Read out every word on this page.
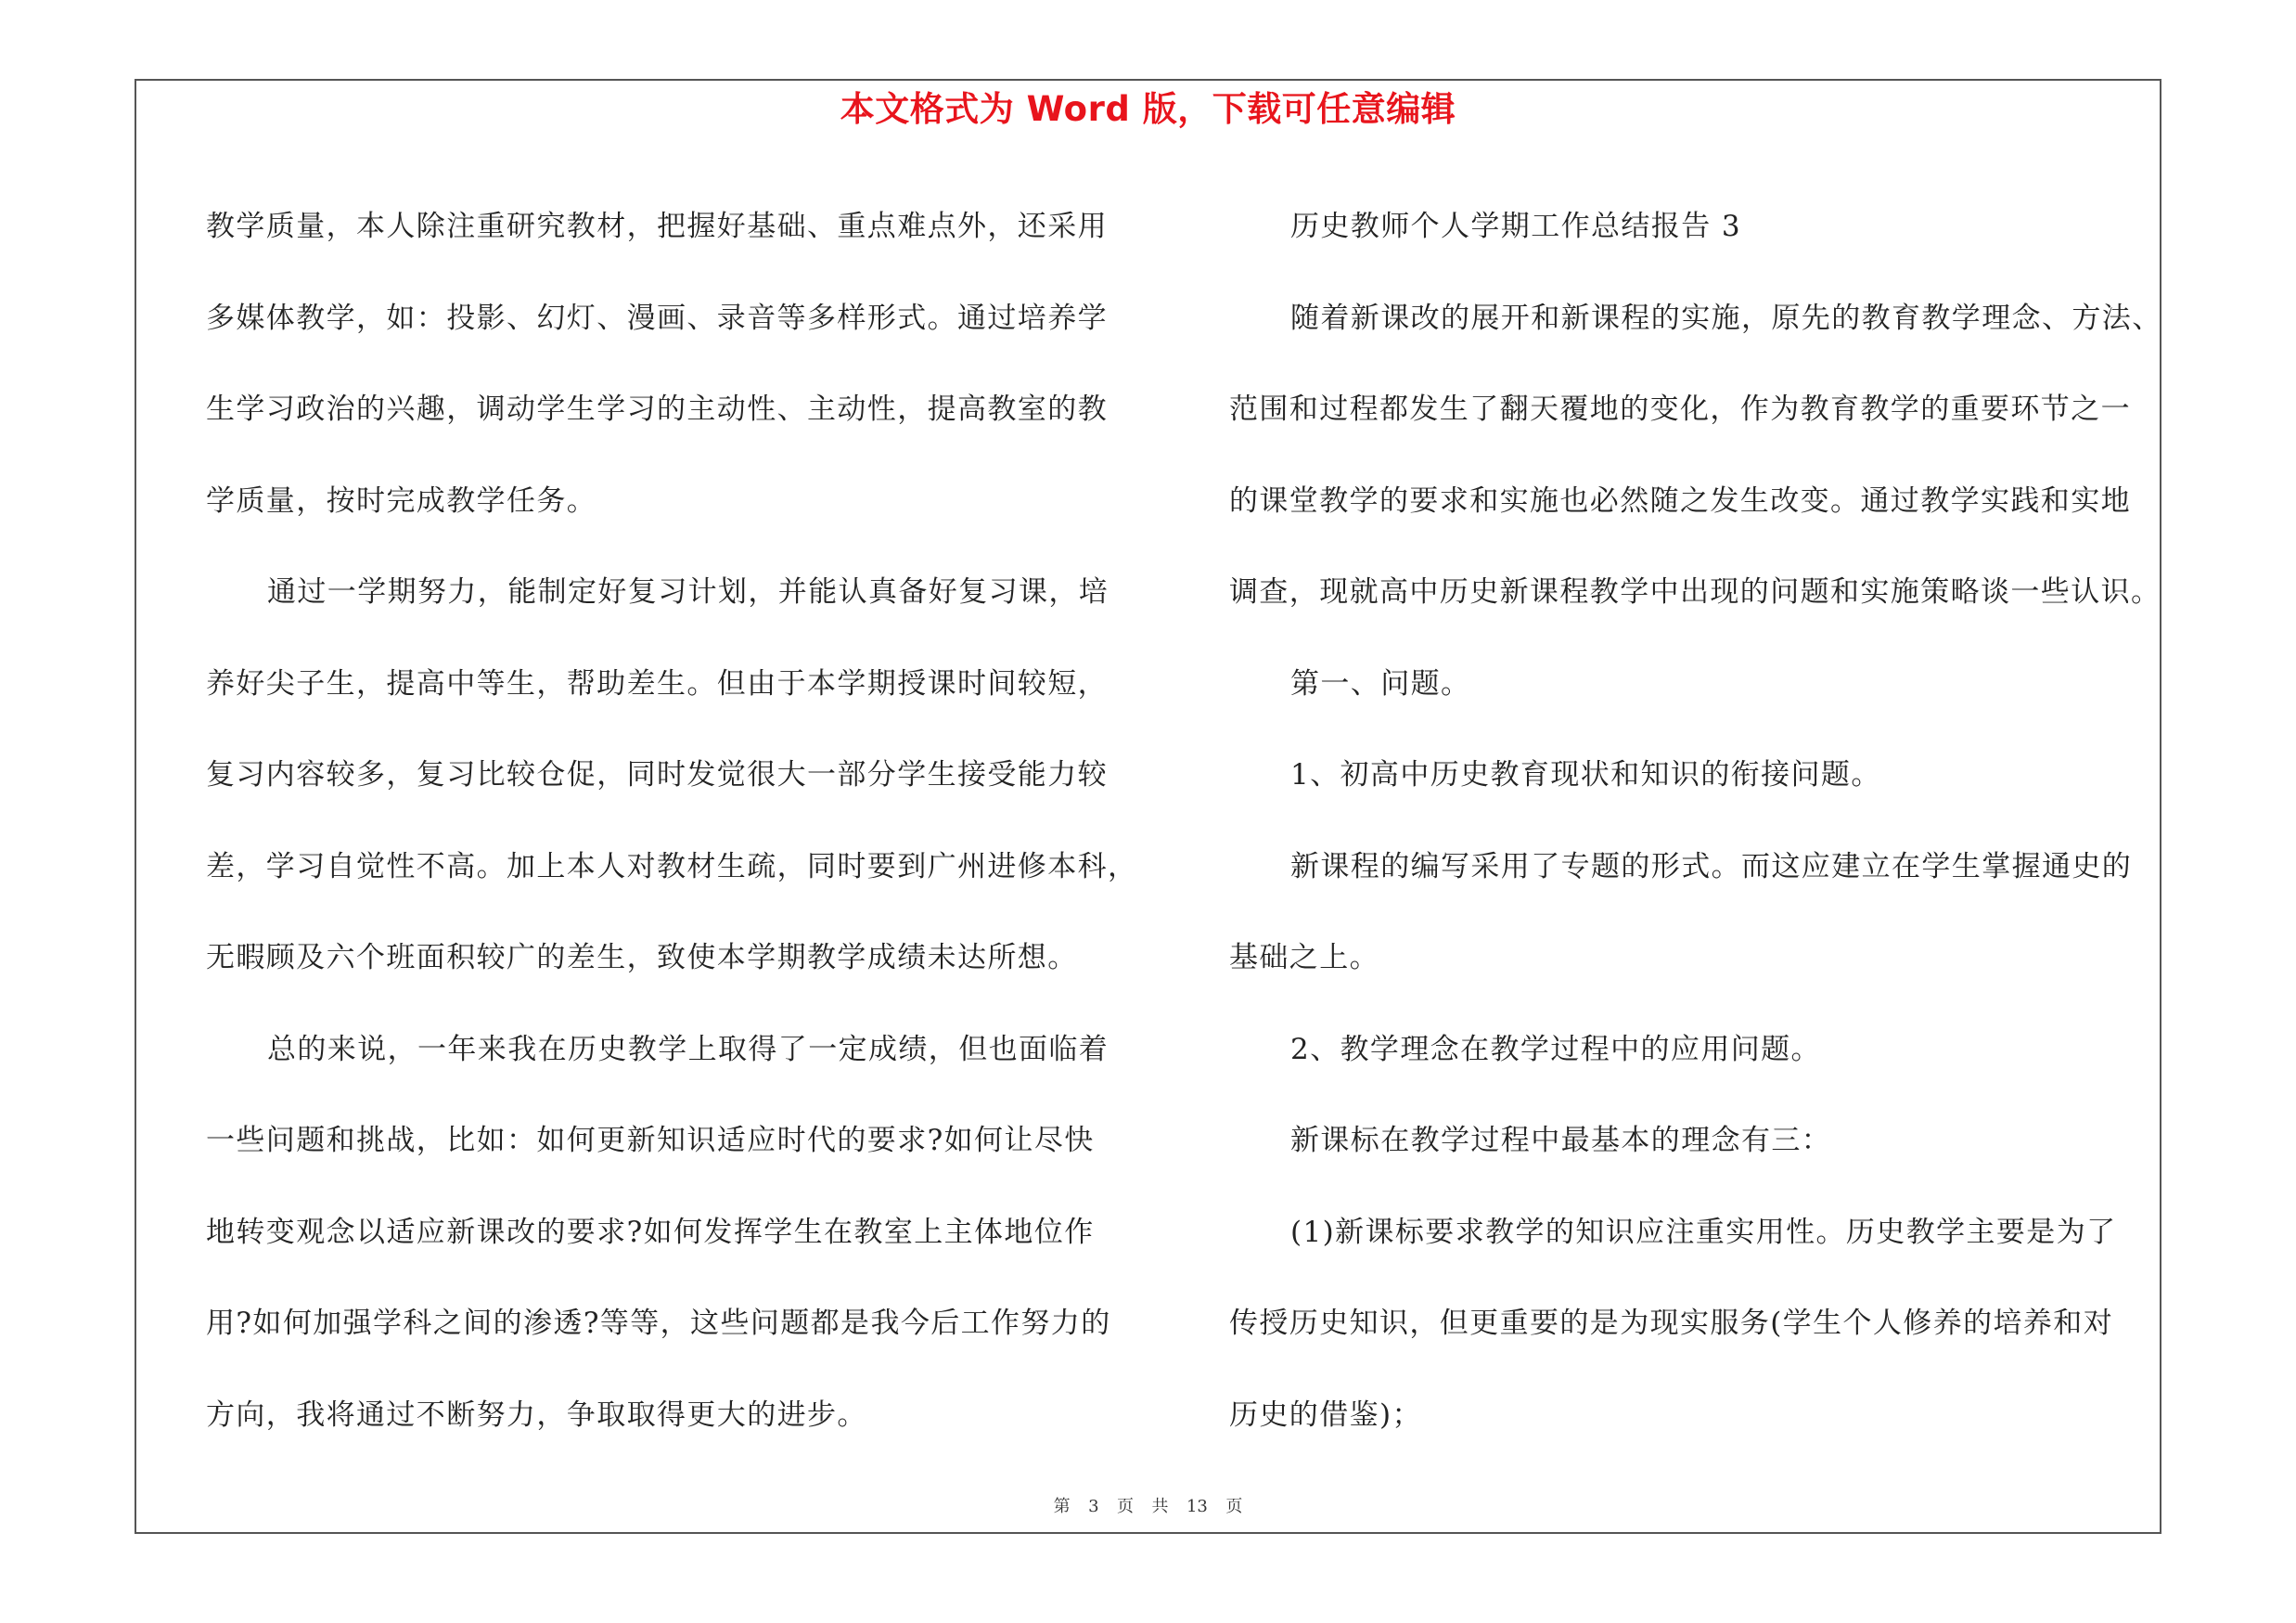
本文格式为 Word 版，下载可任意编辑
教学质量，本人除注重研究教材，把握好基础、重点难点外，还采用
多媒体教学，如：投影、幻灯、漫画、录音等多样形式。通过培养学
生学习政治的兴趣，调动学生学习的主动性、主动性，提高教室的教
学质量，按时完成教学任务。
通过一学期努力，能制定好复习计划，并能认真备好复习课，培
养好尖子生，提高中等生，帮助差生。但由于本学期授课时间较短，
复习内容较多，复习比较仓促，同时发觉很大一部分学生接受能力较
差，学习自觉性不高。加上本人对教材生疏，同时要到广州进修本科，
无暇顾及六个班面积较广的差生，致使本学期教学成绩未达所想。
总的来说，一年来我在历史教学上取得了一定成绩，但也面临着
一些问题和挑战，比如：如何更新知识适应时代的要求?如何让尽快
地转变观念以适应新课改的要求?如何发挥学生在教室上主体地位作
用?如何加强学科之间的渗透?等等，这些问题都是我今后工作努力的
方向，我将通过不断努力，争取取得更大的进步。
历史教师个人学期工作总结报告 3
随着新课改的展开和新课程的实施，原先的教育教学理念、方法、
范围和过程都发生了翻天覆地的变化，作为教育教学的重要环节之一
的课堂教学的要求和实施也必然随之发生改变。通过教学实践和实地
调查，现就高中历史新课程教学中出现的问题和实施策略谈一些认识。
第一、问题。
1、初高中历史教育现状和知识的衔接问题。
新课程的编写采用了专题的形式。而这应建立在学生掌握通史的
基础之上。
2、教学理念在教学过程中的应用问题。
新课标在教学过程中最基本的理念有三：
(1)新课标要求教学的知识应注重实用性。历史教学主要是为了
传授历史知识，但更重要的是为现实服务(学生个人修养的培养和对
历史的借鉴)；
第 3 页 共 13 页
